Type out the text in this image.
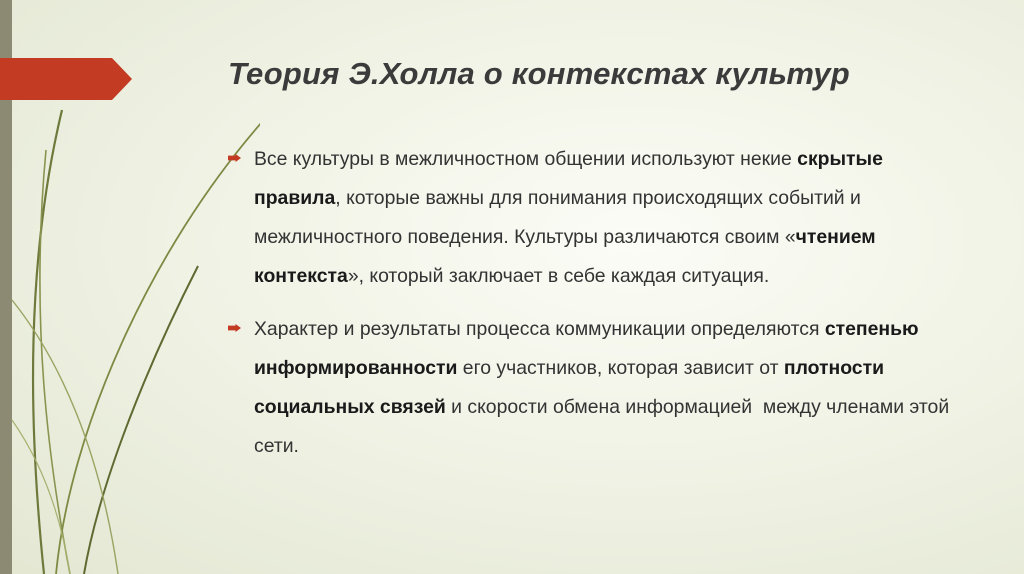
Теория Э.Холла о контекстах культур
Все культуры в межличностном общении используют некие скрытые правила, которые важны для понимания происходящих событий и межличностного поведения. Культуры различаются своим «чтением контекста», который заключает в себе каждая ситуация.
Характер и результаты процесса коммуникации определяются степенью информированности его участников, которая зависит от плотности социальных связей и скорости обмена информацией  между членами этой сети.
